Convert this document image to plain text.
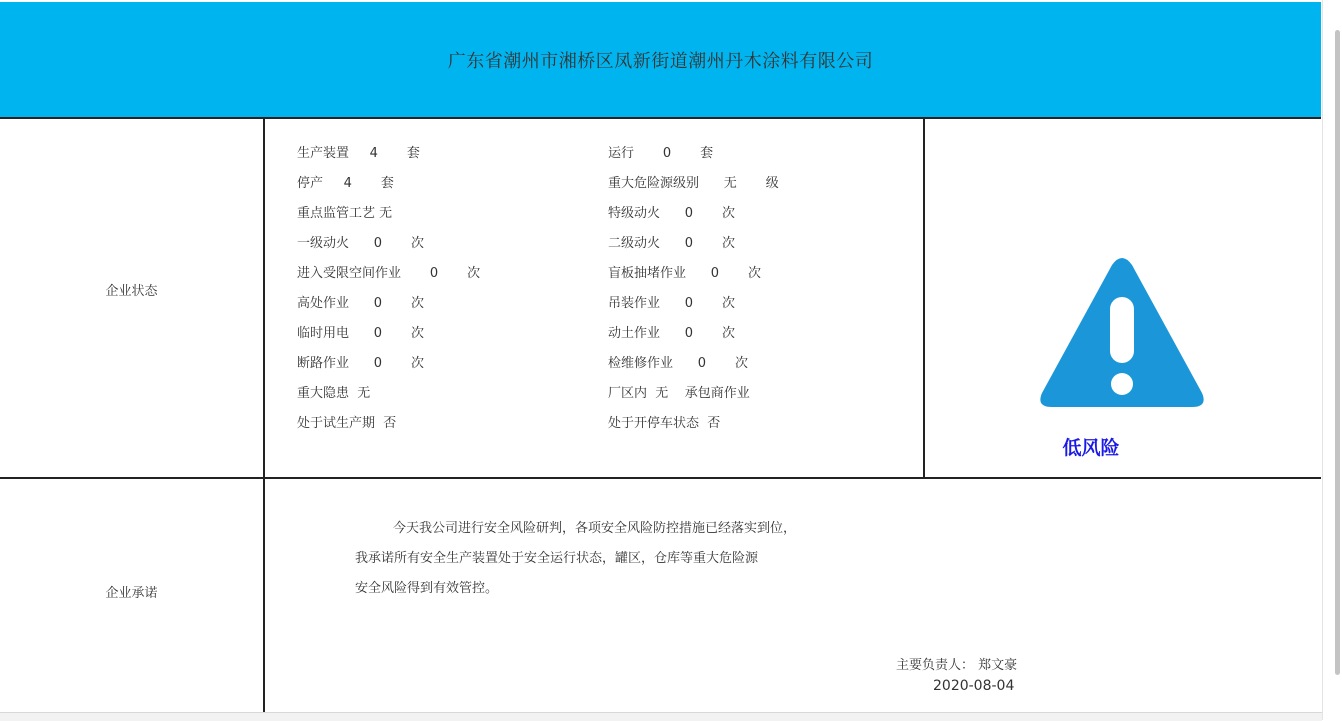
广东省潮州市湘桥区凤新街道潮州丹木涂料有限公司
企业状态
企业承诺
生产装置     4       套	运行       0       套
停产     4       套	重大危险源级别      无       级
重点监管工艺 无	特级动火      0       次
一级动火      0       次	二级动火      0       次
进入受限空间作业       0       次	盲板抽堵作业      0       次
高处作业      0       次	吊装作业      0       次
临时用电      0       次	动土作业      0       次
断路作业      0       次	检维修作业      0       次
重大隐患  无	厂区内  无    承包商作业
处于试生产期  否	处于开停车状态  否
低风险

今天我公司进行安全风险研判，各项安全风险防控措施已经落实到位，

我承诺所有安全生产装置处于安全运行状态，罐区，仓库等重大危险源

安全风险得到有效管控。

主要负责人： 郑文豪
2020-08-04
